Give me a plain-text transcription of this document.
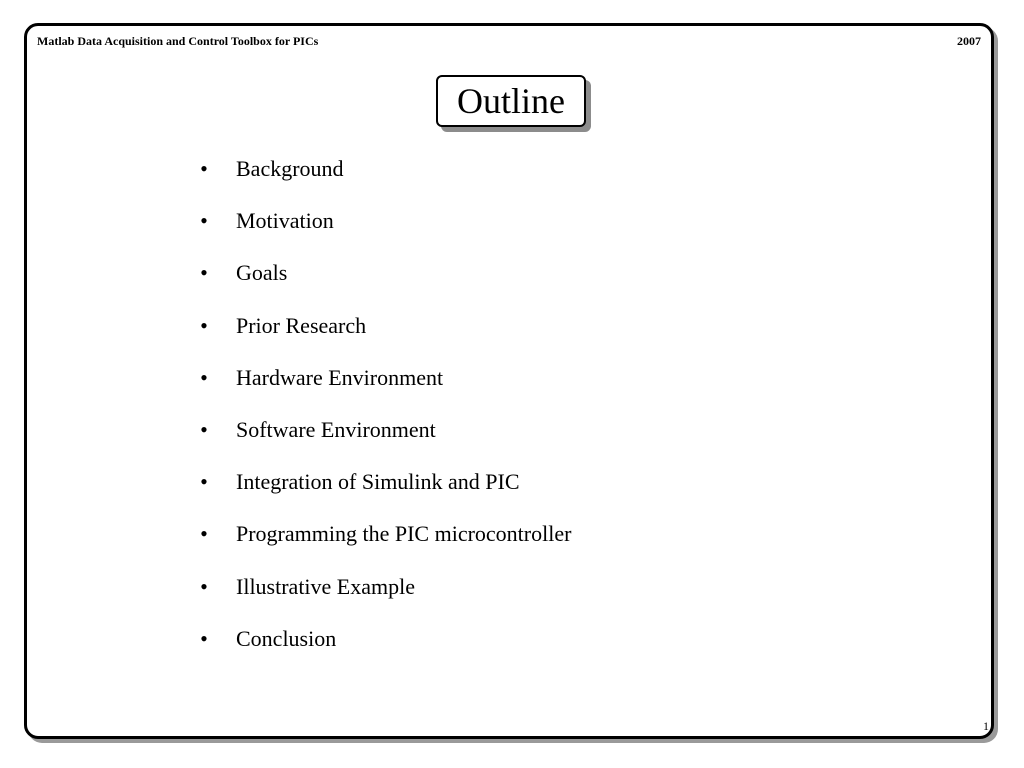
Matlab Data Acquisition and Control Toolbox for PICs	2007
Outline
• Background
• Motivation
• Goals
• Prior Research
• Hardware Environment
• Software Environment
• Integration of Simulink and PIC
• Programming the PIC microcontroller
• Illustrative Example
• Conclusion
1
